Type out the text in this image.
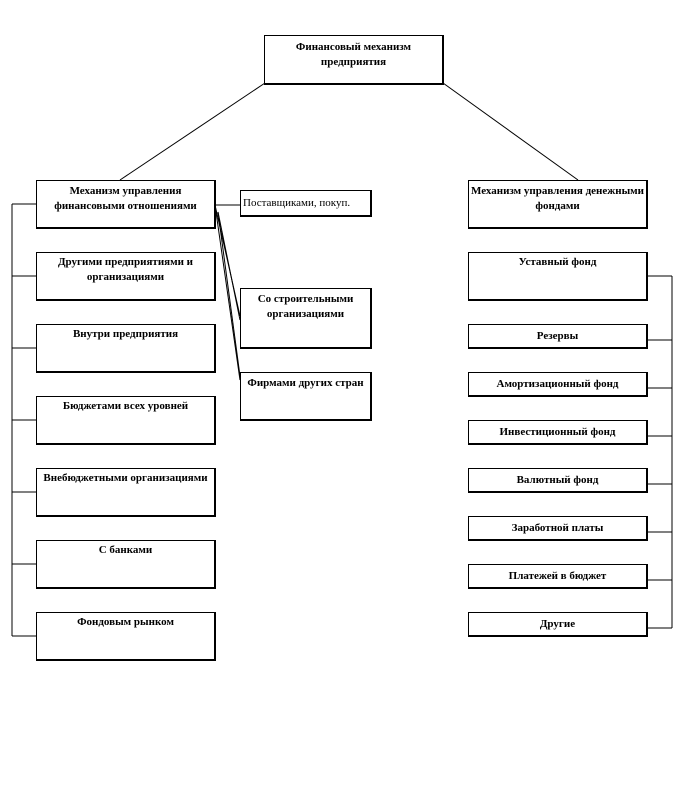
Финансовый механизм предприятия
Механизм управления финансовыми отношениями	Поставщиками, покуп.
Со строительными организациями
Фирмами других стран
Другими предприятиями и организациями
Внутри предприятия
Бюджетами всех уровней
Внебюджетными организациями
С банками
Фондовым рынком
Механизм управления денежными фондами
Уставный фонд
Резервы
Амортизационный фонд
Инвестиционный фонд
Валютный фонд
Заработной платы
Платежей в бюджет
Другие
